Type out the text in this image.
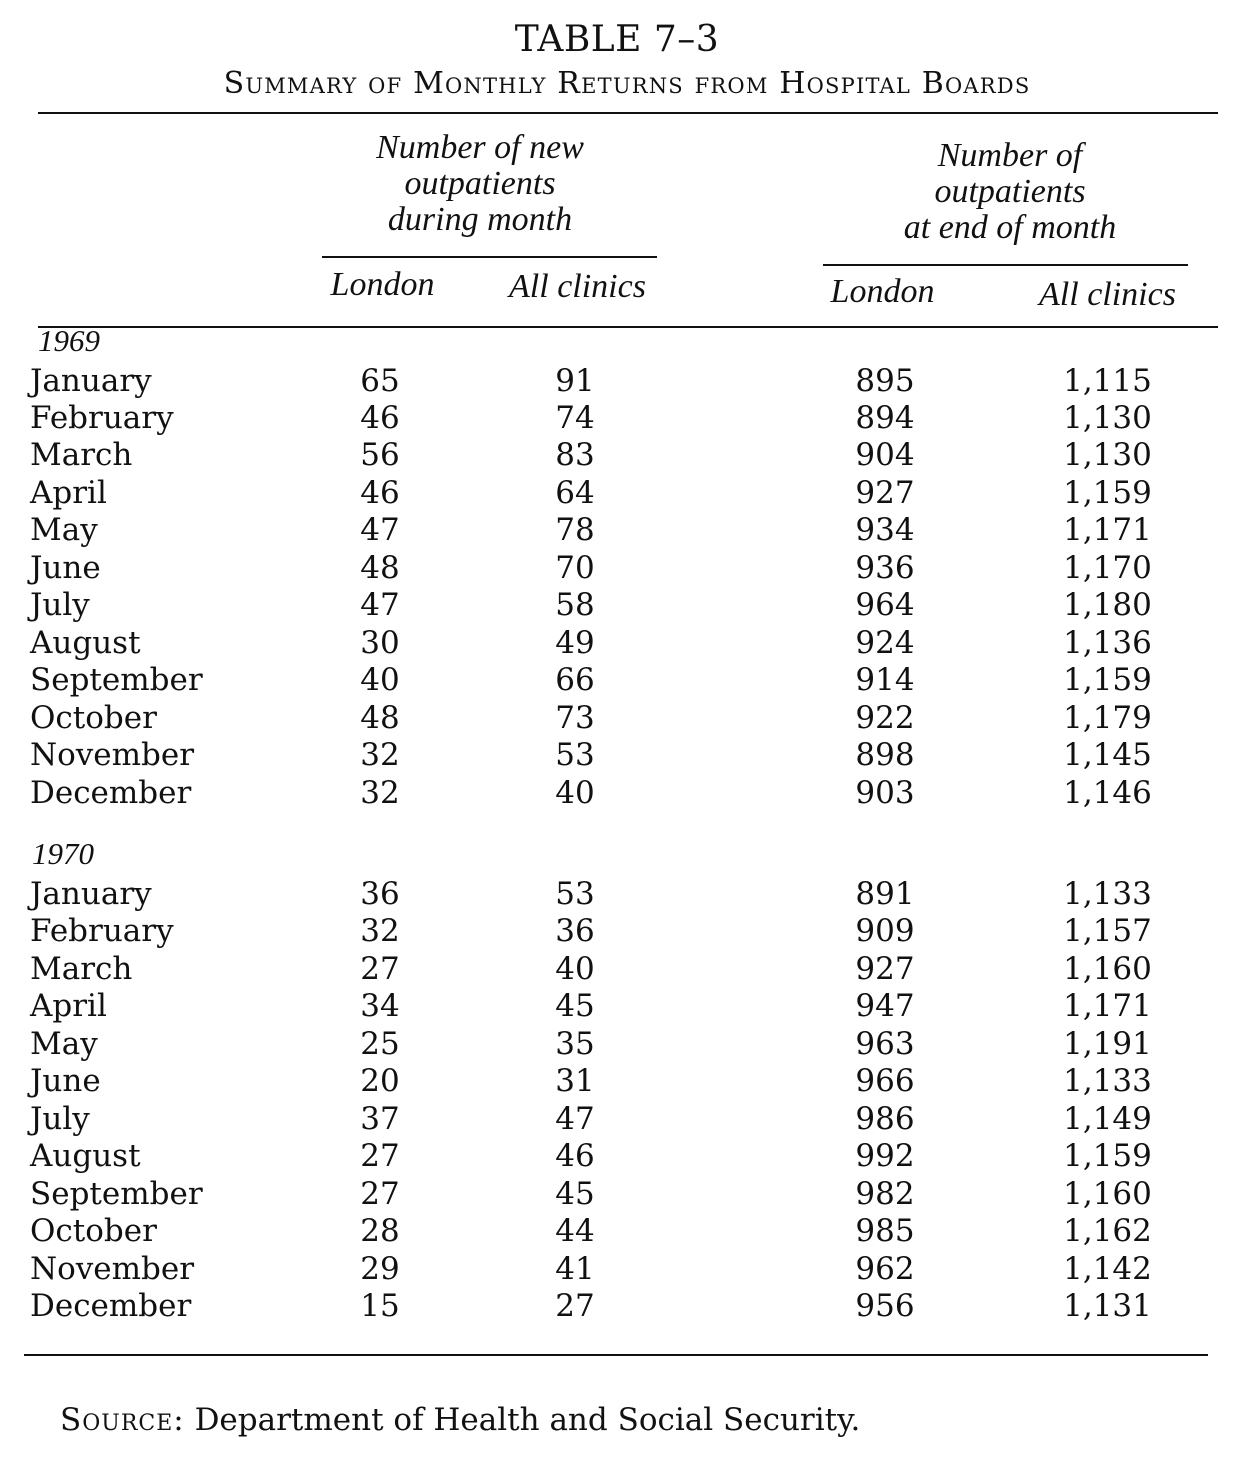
TABLE 7–3
Summary of Monthly Returns from Hospital Boards
Number of new
outpatients
during month
Number of
outpatients
at end of month
London	All clinics	London	All clinics
1969
January	65	91	895	1,115
February	46	74	894	1,130
March	56	83	904	1,130
April	46	64	927	1,159
May	47	78	934	1,171
June	48	70	936	1,170
July	47	58	964	1,180
August	30	49	924	1,136
September	40	66	914	1,159
October	48	73	922	1,179
November	32	53	898	1,145
December	32	40	903	1,146
1970
January	36	53	891	1,133
February	32	36	909	1,157
March	27	40	927	1,160
April	34	45	947	1,171
May	25	35	963	1,191
June	20	31	966	1,133
July	37	47	986	1,149
August	27	46	992	1,159
September	27	45	982	1,160
October	28	44	985	1,162
November	29	41	962	1,142
December	15	27	956	1,131
Source: Department of Health and Social Security.
